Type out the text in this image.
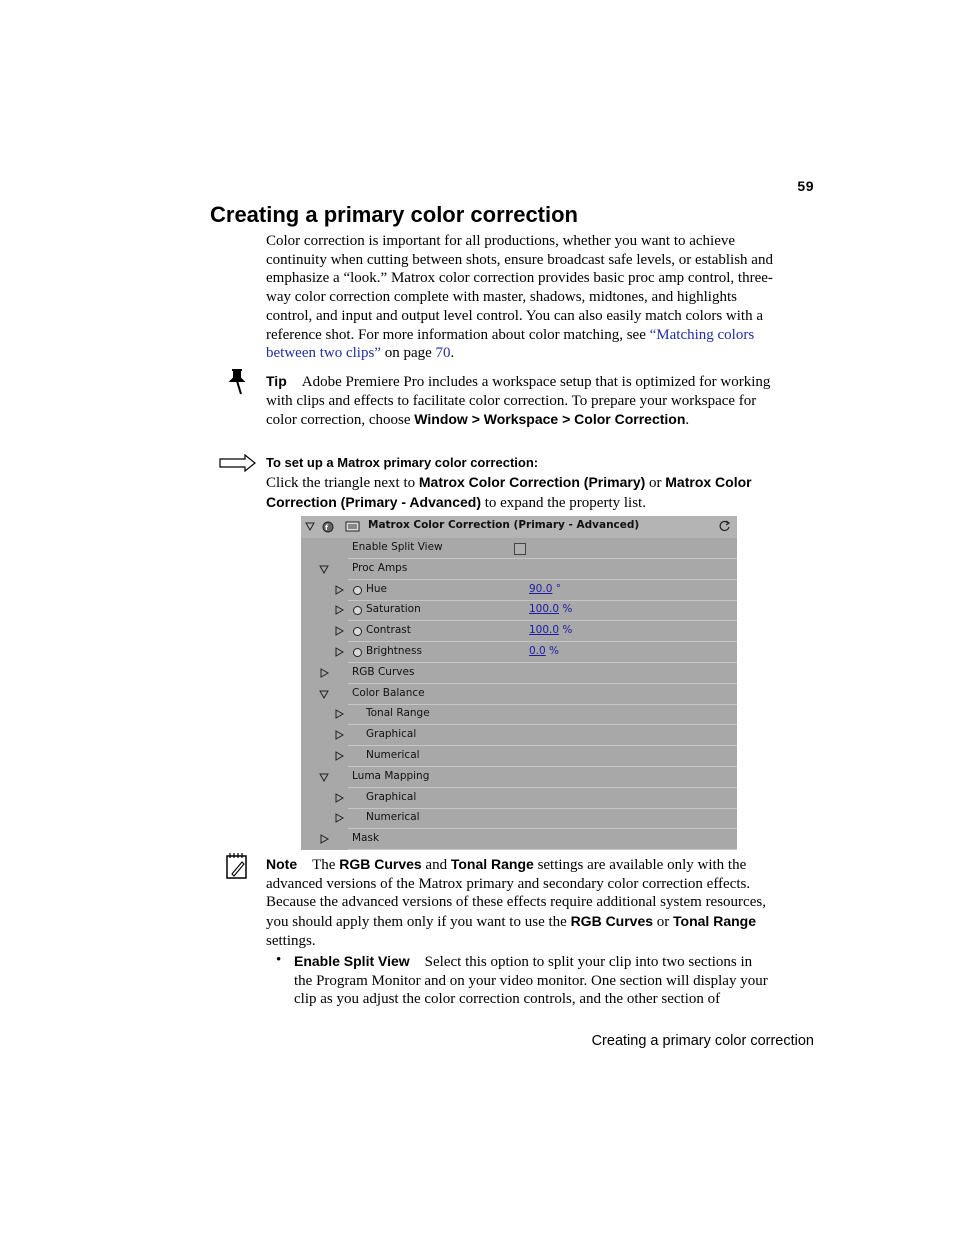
59
Creating a primary color correction

Color correction is important for all productions, whether you want to achieve continuity when cutting between shots, ensure broadcast safe levels, or establish and emphasize a “look.” Matrox color correction provides basic proc amp control, three-way color correction complete with master, shadows, midtones, and highlights control, and input and output level control. You can also easily match colors with a reference shot. For more information about color matching, see “Matching colors between two clips” on page 70.

Tip Adobe Premiere Pro includes a workspace setup that is optimized for working with clips and effects to facilitate color correction. To prepare your workspace for color correction, choose Window > Workspace > Color Correction.

To set up a Matrox primary color correction:

Click the triangle next to Matrox Color Correction (Primary) or Matrox Color Correction (Primary - Advanced) to expand the property list.

f	Matrox Color Correction (Primary - Advanced)
Enable Split View
Proc Amps
Hue	90.0 °
Saturation	100.0 %
Contrast	100.0 %
Brightness	0.0 %
RGB Curves
Color Balance
Tonal Range
Graphical
Numerical
Luma Mapping
Graphical
Numerical
Mask

Note The RGB Curves and Tonal Range settings are available only with the advanced versions of the Matrox primary and secondary color correction effects. Because the advanced versions of these effects require additional system resources, you should apply them only if you want to use the RGB Curves or Tonal Range settings.

• Enable Split View Select this option to split your clip into two sections in the Program Monitor and on your video monitor. One section will display your clip as you adjust the color correction controls, and the other section of

Creating a primary color correction
